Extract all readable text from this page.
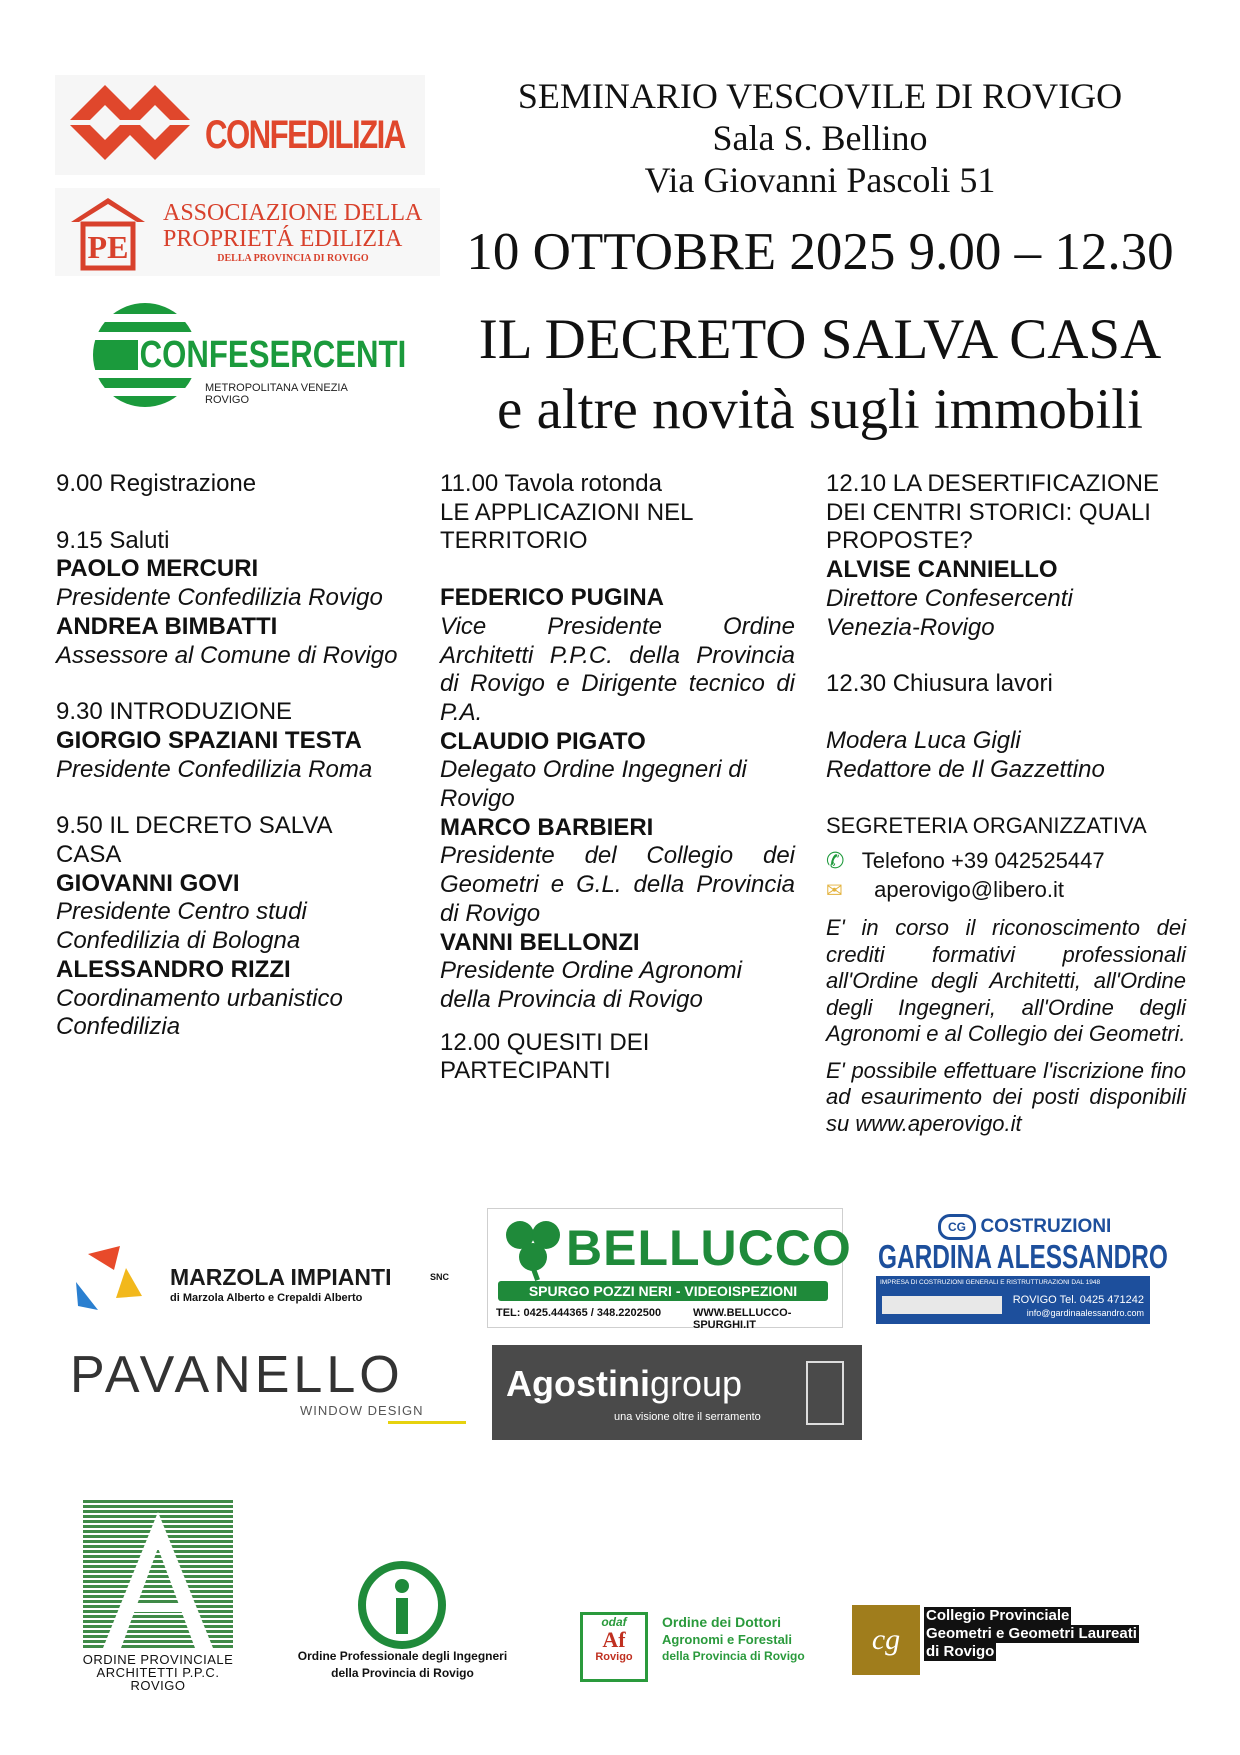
CONFEDILIZIA
PE
ASSOCIAZIONE DELLA
PROPRIETÁ EDILIZIA
DELLA PROVINCIA DI ROVIGO
CONFESERCENTI
METROPOLITANA VENEZIA ROVIGO
SEMINARIO VESCOVILE DI ROVIGO
Sala S. Bellino
Via Giovanni Pascoli 51
10 OTTOBRE 2025 9.00 – 12.30
IL DECRETO SALVA CASA
e altre novità sugli immobili

9.00 Registrazione

9.15 Saluti

PAOLO MERCURI

Presidente Confedilizia Rovigo

ANDREA BIMBATTI

Assessore al Comune di Rovigo

9.30 INTRODUZIONE

GIORGIO SPAZIANI TESTA

Presidente Confedilizia Roma

9.50 IL DECRETO SALVA

CASA

GIOVANNI GOVI

Presidente Centro studi

Confedilizia di Bologna

ALESSANDRO RIZZI

Coordinamento urbanistico

Confedilizia

11.00 Tavola rotonda

LE APPLICAZIONI NEL

TERRITORIO

FEDERICO PUGINA

Vice Presidente Ordine

Architetti P.P.C. della Provincia

di Rovigo e Dirigente tecnico di

P.A.

CLAUDIO PIGATO

Delegato Ordine Ingegneri di

Rovigo

MARCO BARBIERI

Presidente del Collegio dei

Geometri e G.L. della Provincia

di Rovigo

VANNI BELLONZI

Presidente Ordine Agronomi

della Provincia di Rovigo

12.00 QUESITI DEI

PARTECIPANTI

12.10 LA DESERTIFICAZIONE

DEI CENTRI STORICI: QUALI

PROPOSTE?

ALVISE CANNIELLO

Direttore Confesercenti

Venezia-Rovigo

12.30 Chiusura lavori

Modera Luca Gigli

Redattore de Il Gazzettino

SEGRETERIA ORGANIZZATIVA

✆ Telefono +39 042525447

✉ aperovigo@libero.it

E' in corso il riconoscimento dei crediti formativi professionali all'Ordine degli Architetti, all'Ordine degli Ingegneri, all'Ordine degli Agronomi e al Collegio dei Geometri.

E' possibile effettuare l'iscrizione fino ad esaurimento dei posti disponibili su www.aperovigo.it

MARZOLA IMPIANTI	SNC
di Marzola Alberto e Crepaldi Alberto
BELLUCCO
SPURGO POZZI NERI - VIDEOISPEZIONI
TEL: 0425.444365 / 348.2202500	WWW.BELLUCCO-SPURGHI.IT
CG COSTRUZIONI
GARDINA ALESSANDRO
IMPRESA DI COSTRUZIONI GENERALI E RISTRUTTURAZIONI DAL 1948
ROVIGO Tel. 0425 471242
info@gardinaalessandro.com
PAVANELLO
WINDOW DESIGN
Agostinigroup
una visione oltre il serramento
ORDINE PROVINCIALE
ARCHITETTI P.P.C.
ROVIGO
Ordine Professionale degli Ingegneri
della Provincia di Rovigo
odaf
Af
Rovigo
Ordine dei Dottori
Agronomi e Forestali
della Provincia di Rovigo	cg
Collegio Provinciale
Geometri e Geometri Laureati
di Rovigo
